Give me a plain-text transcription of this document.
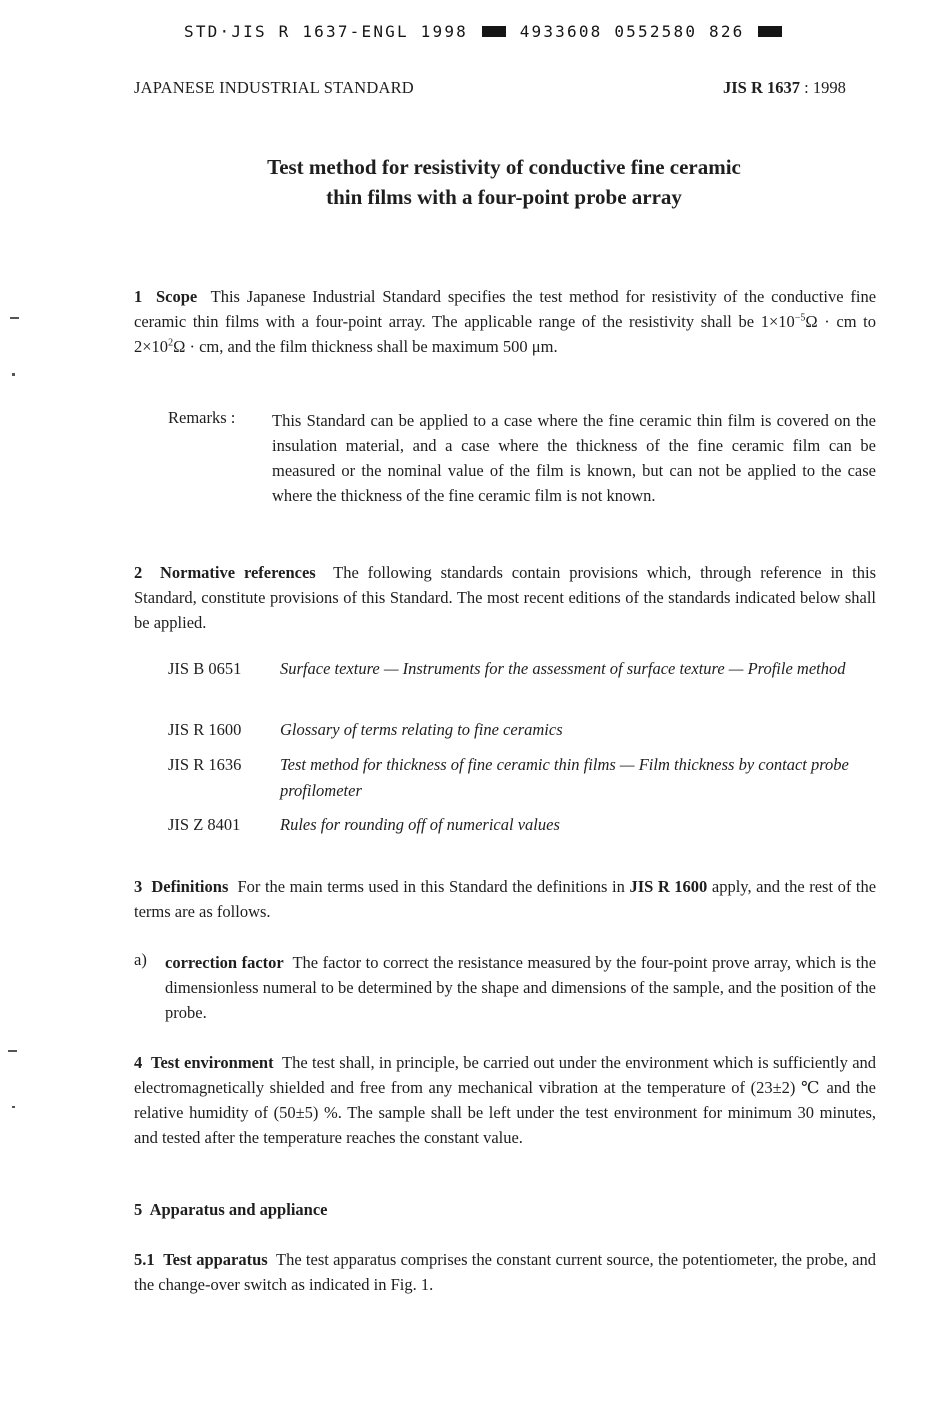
STD·JIS R 1637-ENGL 1998	4933608 0552580 826
JAPANESE INDUSTRIAL STANDARD	JIS R 1637 : 1998
Test method for resistivity of conductive fine ceramic
thin films with a four-point probe array
1 Scope This Japanese Industrial Standard specifies the test method for resistivity of the conductive fine ceramic thin films with a four-point array. The applicable range of the resistivity shall be $1\times 10^{-5}\Omega$ · cm to $2\times 10^2\Omega$ · cm, and the film thickness shall be maximum 500 μm.
Remarks : This Standard can be applied to a case where the fine ceramic thin film is covered on the insulation material, and a case where the thickness of the fine ceramic film can be measured or the nominal value of the film is known, but can not be applied to the case where the thickness of the fine ceramic film is not known.
2 Normative references The following standards contain provisions which, through reference in this Standard, constitute provisions of this Standard. The most recent editions of the standards indicated below shall be applied.
JIS B 0651 Surface texture — Instruments for the assessment of surface texture — Profile method
JIS R 1600 Glossary of terms relating to fine ceramics
JIS R 1636 Test method for thickness of fine ceramic thin films — Film thickness by contact probe profilometer
JIS Z 8401 Rules for rounding off of numerical values
3 Definitions For the main terms used in this Standard the definitions in JIS R 1600 apply, and the rest of the terms are as follows.
a) correction factor The factor to correct the resistance measured by the four-point prove array, which is the dimensionless numeral to be determined by the shape and dimensions of the sample, and the position of the probe.
4 Test environment The test shall, in principle, be carried out under the environment which is sufficiently and electromagnetically shielded and free from any mechanical vibration at the temperature of (23±2) ℃ and the relative humidity of (50±5) %. The sample shall be left under the test environment for minimum 30 minutes, and tested after the temperature reaches the constant value.
5 Apparatus and appliance
5.1 Test apparatus The test apparatus comprises the constant current source, the potentiometer, the probe, and the change-over switch as indicated in Fig. 1.
